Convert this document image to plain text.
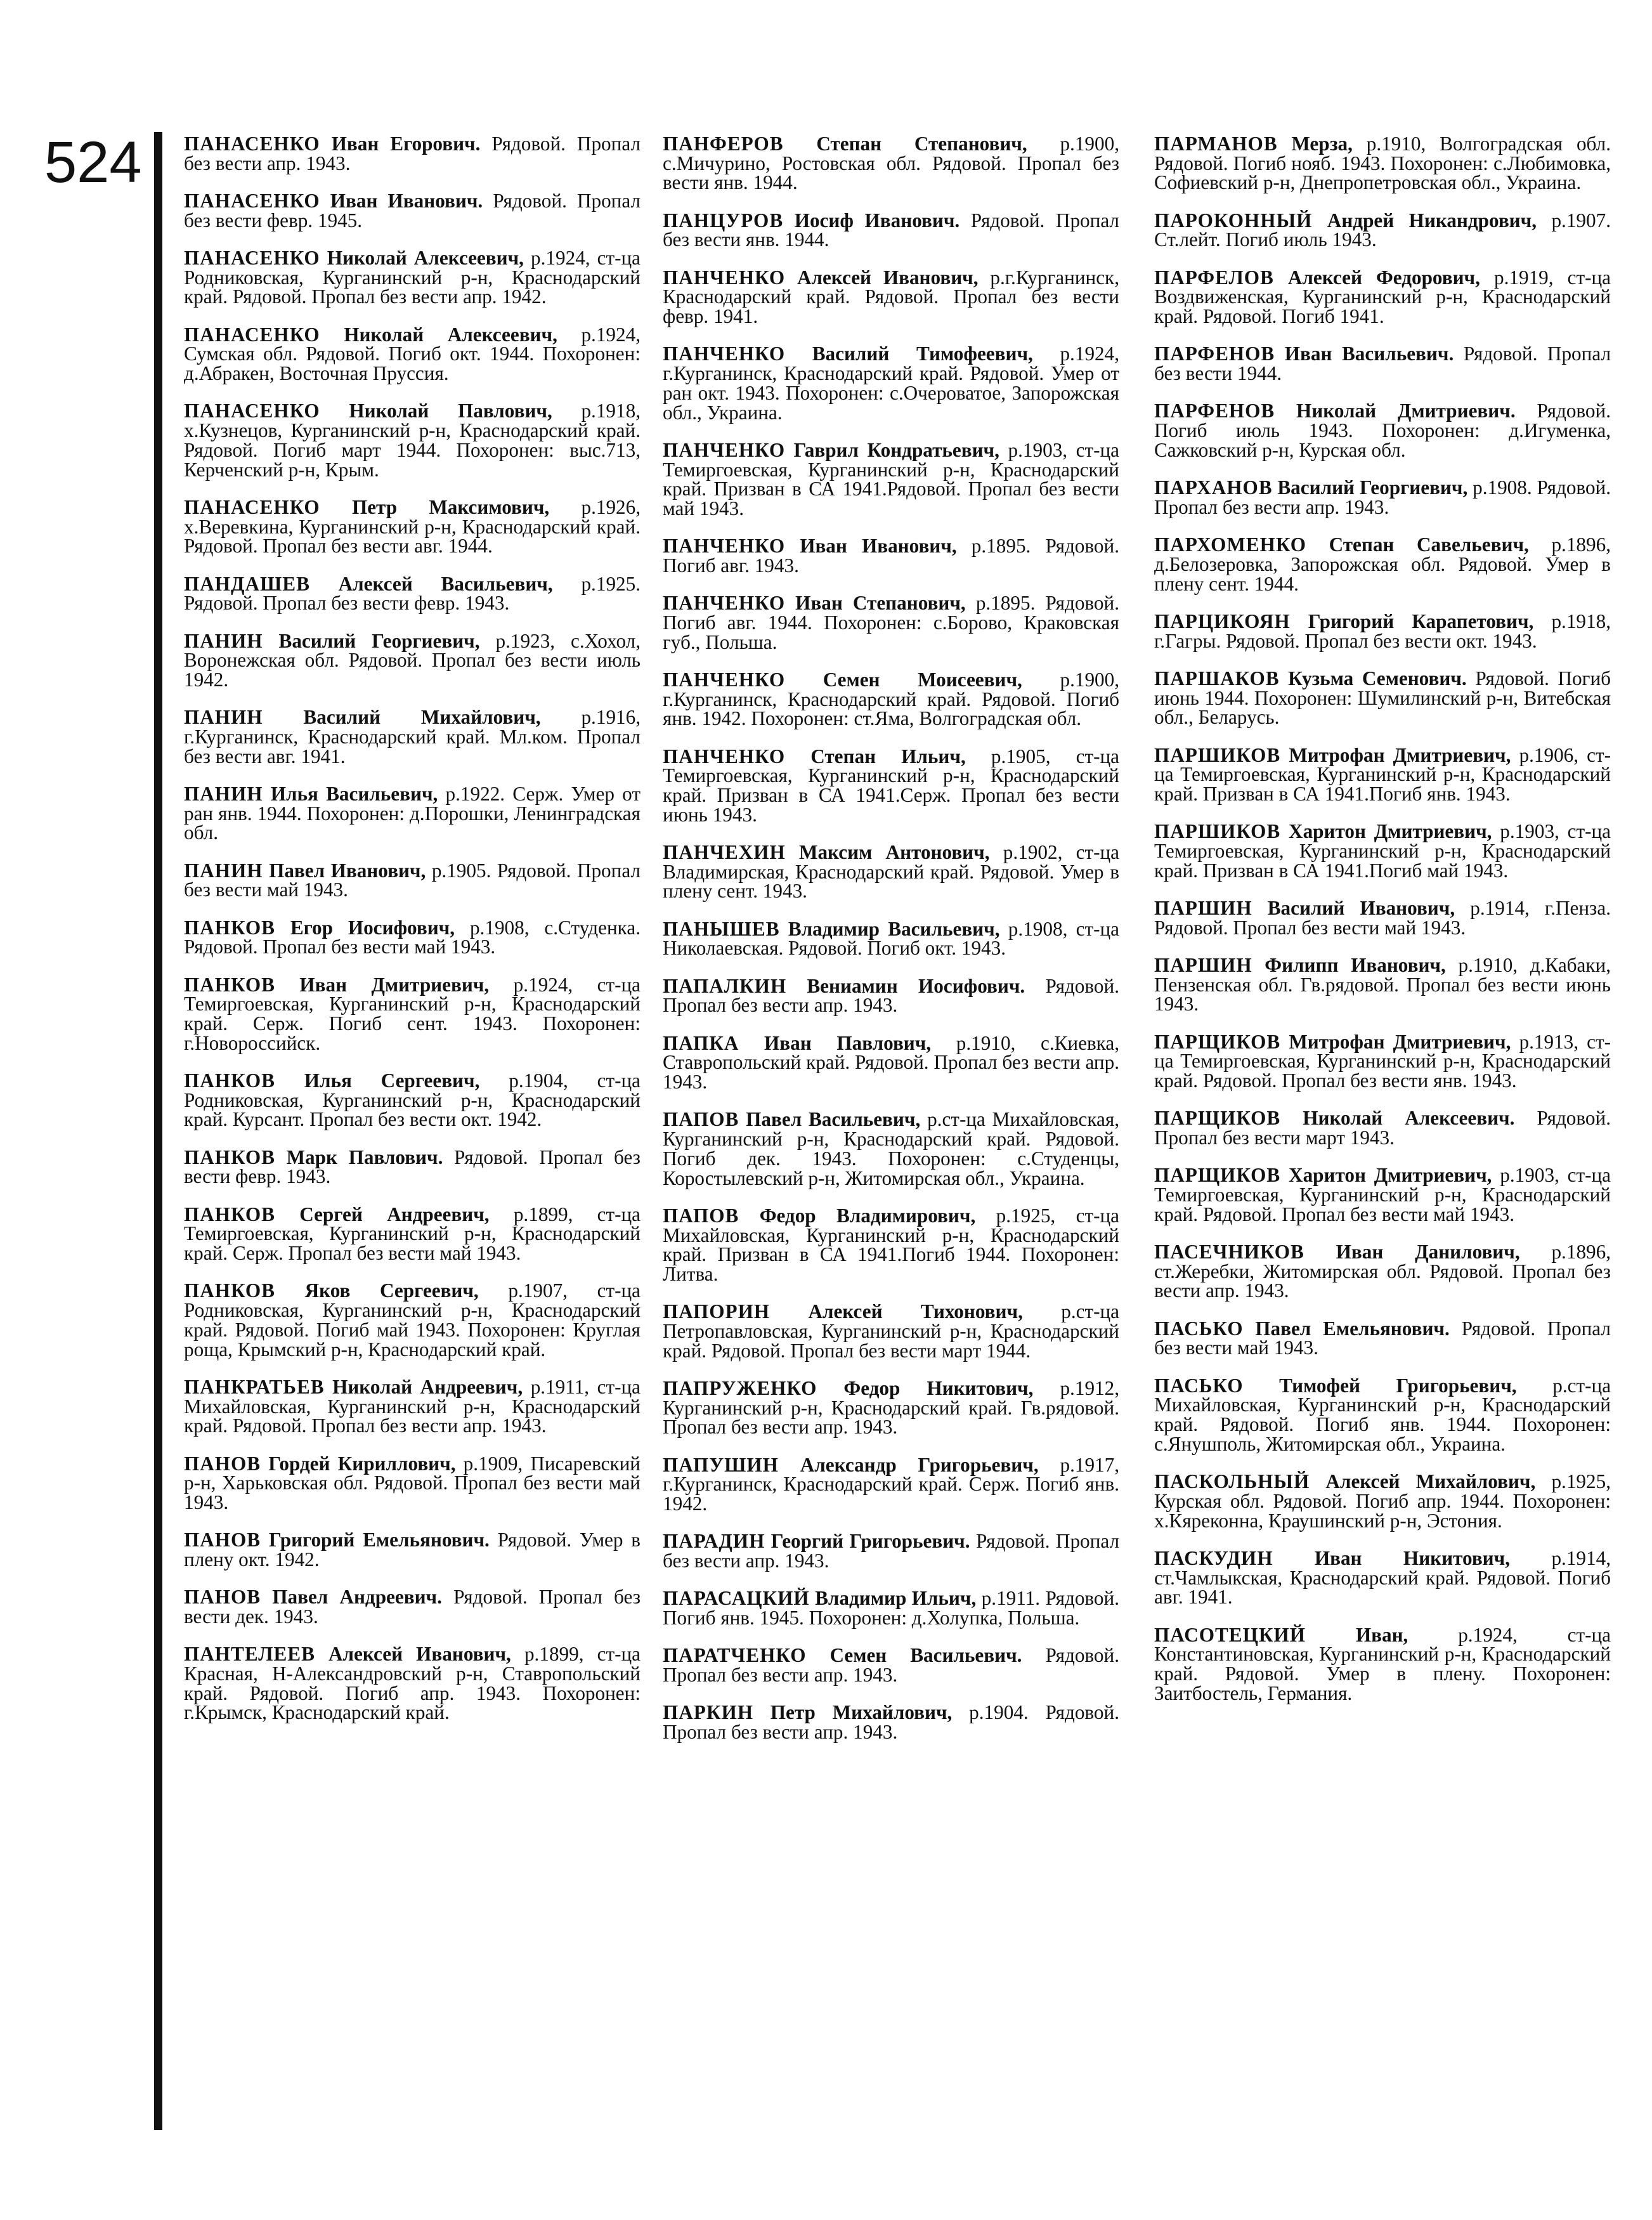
524 ПАНАСЕНКО Иван Егорович. Рядовой. Пропал без вести апр. 1943.

ПАНАСЕНКО Иван Иванович. Рядовой. Пропал без вести февр. 1945.

ПАНАСЕНКО Николай Алексеевич, р.1924, ст-ца Родниковская, Курганинский р-н, Краснодарский край. Рядовой. Пропал без вести апр. 1942.

ПАНАСЕНКО Николай Алексеевич, р.1924, Сумская обл. Рядовой. Погиб окт. 1944. Похоронен: д.Абракен, Восточная Пруссия.

ПАНАСЕНКО Николай Павлович, р.1918, х.Кузнецов, Курганинский р-н, Краснодарский край. Рядовой. Погиб март 1944. Похоронен: выс.713, Керченский р-н, Крым.

ПАНАСЕНКО Петр Максимович, р.1926, х.Веревкина, Курганинский р-н, Краснодарский край. Рядовой. Пропал без вести авг. 1944.

ПАНДАШЕВ Алексей Васильевич, р.1925. Рядовой. Пропал без вести февр. 1943.

ПАНИН Василий Георгиевич, р.1923, с.Хохол, Воронежская обл. Рядовой. Пропал без вести июль 1942.

ПАНИН Василий Михайлович, р.1916, г.Курганинск, Краснодарский край. Мл.ком. Пропал без вести авг. 1941.

ПАНИН Илья Васильевич, р.1922. Серж. Умер от ран янв. 1944. Похоронен: д.Порошки, Ленинградская обл.

ПАНИН Павел Иванович, р.1905. Рядовой. Пропал без вести май 1943.

ПАНКОВ Егор Иосифович, р.1908, с.Студенка. Рядовой. Пропал без вести май 1943.

ПАНКОВ Иван Дмитриевич, р.1924, ст-ца Темиргоевская, Курганинский р-н, Краснодарский край. Серж. Погиб сент. 1943. Похоронен: г.Новороссийск.

ПАНКОВ Илья Сергеевич, р.1904, ст-ца Родниковская, Курганинский р-н, Краснодарский край. Курсант. Пропал без вести окт. 1942.

ПАНКОВ Марк Павлович. Рядовой. Пропал без вести февр. 1943.

ПАНКОВ Сергей Андреевич, р.1899, ст-ца Темиргоевская, Курганинский р-н, Краснодарский край. Серж. Пропал без вести май 1943.

ПАНКОВ Яков Сергеевич, р.1907, ст-ца Родниковская, Курганинский р-н, Краснодарский край. Рядовой. Погиб май 1943. Похоронен: Круглая роща, Крымский р-н, Краснодарский край.

ПАНКРАТЬЕВ Николай Андреевич, р.1911, ст-ца Михайловская, Курганинский р-н, Краснодарский край. Рядовой. Пропал без вести апр. 1943.

ПАНОВ Гордей Кириллович, р.1909, Писаревский р-н, Харьковская обл. Рядовой. Пропал без вести май 1943.

ПАНОВ Григорий Емельянович. Рядовой. Умер в плену окт. 1942.

ПАНОВ Павел Андреевич. Рядовой. Пропал без вести дек. 1943.

ПАНТЕЛЕЕВ Алексей Иванович, р.1899, ст-ца Красная, Н-Александровский р-н, Ставропольский край. Рядовой. Погиб апр. 1943. Похоронен: г.Крымск, Краснодарский край.

ПАНФЕРОВ Степан Степанович, р.1900, с.Мичурино, Ростовская обл. Рядовой. Пропал без вести янв. 1944.

ПАНЦУРОВ Иосиф Иванович. Рядовой. Пропал без вести янв. 1944.

ПАНЧЕНКО Алексей Иванович, р.г.Курганинск, Краснодарский край. Рядовой. Пропал без вести февр. 1941.

ПАНЧЕНКО Василий Тимофеевич, р.1924, г.Курганинск, Краснодарский край. Рядовой. Умер от ран окт. 1943. Похоронен: с.Очероватое, Запорожская обл., Украина.

ПАНЧЕНКО Гаврил Кондратьевич, р.1903, ст-ца Темиргоевская, Курганинский р-н, Краснодарский край. Призван в СА 1941.Рядовой. Пропал без вести май 1943.

ПАНЧЕНКО Иван Иванович, р.1895. Рядовой. Погиб авг. 1943.

ПАНЧЕНКО Иван Степанович, р.1895. Рядовой. Погиб авг. 1944. Похоронен: с.Борово, Краковская губ., Польша.

ПАНЧЕНКО Семен Моисеевич, р.1900, г.Курганинск, Краснодарский край. Рядовой. Погиб янв. 1942. Похоронен: ст.Яма, Волгоградская обл.

ПАНЧЕНКО Степан Ильич, р.1905, ст-ца Темиргоевская, Курганинский р-н, Краснодарский край. Призван в СА 1941.Серж. Пропал без вести июнь 1943.

ПАНЧЕХИН Максим Антонович, р.1902, ст-ца Владимирская, Краснодарский край. Рядовой. Умер в плену сент. 1943.

ПАНЫШЕВ Владимир Васильевич, р.1908, ст-ца Николаевская. Рядовой. Погиб окт. 1943.

ПАПАЛКИН Вениамин Иосифович. Рядовой. Пропал без вести апр. 1943.

ПАПКА Иван Павлович, р.1910, с.Киевка, Ставропольский край. Рядовой. Пропал без вести апр. 1943.

ПАПОВ Павел Васильевич, р.ст-ца Михайловская, Курганинский р-н, Краснодарский край. Рядовой. Погиб дек. 1943. Похоронен: с.Студенцы, Коростылевский р-н, Житомирская обл., Украина.

ПАПОВ Федор Владимирович, р.1925, ст-ца Михайловская, Курганинский р-н, Краснодарский край. Призван в СА 1941.Погиб 1944. Похоронен: Литва.

ПАПОРИН Алексей Тихонович, р.ст-ца Петропавловская, Курганинский р-н, Краснодарский край. Рядовой. Пропал без вести март 1944.

ПАПРУЖЕНКО Федор Никитович, р.1912, Курганинский р-н, Краснодарский край. Гв.рядовой. Пропал без вести апр. 1943.

ПАПУШИН Александр Григорьевич, р.1917, г.Курганинск, Краснодарский край. Серж. Погиб янв. 1942.

ПАРАДИН Георгий Григорьевич. Рядовой. Пропал без вести апр. 1943.

ПАРАСАЦКИЙ Владимир Ильич, р.1911. Рядовой. Погиб янв. 1945. Похоронен: д.Холупка, Польша.

ПАРАТЧЕНКО Семен Васильевич. Рядовой. Пропал без вести апр. 1943.

ПАРКИН Петр Михайлович, р.1904. Рядовой. Пропал без вести апр. 1943.

ПАРМАНОВ Мерза, р.1910, Волгоградская обл. Рядовой. Погиб нояб. 1943. Похоронен: с.Любимовка, Софиевский р-н, Днепропетровская обл., Украина.

ПАРОКОННЫЙ Андрей Никандрович, р.1907. Ст.лейт. Погиб июль 1943.

ПАРФЕЛОВ Алексей Федорович, р.1919, ст-ца Воздвиженская, Курганинский р-н, Краснодарский край. Рядовой. Погиб 1941.

ПАРФЕНОВ Иван Васильевич. Рядовой. Пропал без вести 1944.

ПАРФЕНОВ Николай Дмитриевич. Рядовой. Погиб июль 1943. Похоронен: д.Игуменка, Сажковский р-н, Курская обл.

ПАРХАНОВ Василий Георгиевич, р.1908. Рядовой. Пропал без вести апр. 1943.

ПАРХОМЕНКО Степан Савельевич, р.1896, д.Белозеровка, Запорожская обл. Рядовой. Умер в плену сент. 1944.

ПАРЦИКОЯН Григорий Карапетович, р.1918, г.Гагры. Рядовой. Пропал без вести окт. 1943.

ПАРШАКОВ Кузьма Семенович. Рядовой. Погиб июнь 1944. Похоронен: Шумилинский р-н, Витебская обл., Беларусь.

ПАРШИКОВ Митрофан Дмитриевич, р.1906, ст-ца Темиргоевская, Курганинский р-н, Краснодарский край. Призван в СА 1941.Погиб янв. 1943.

ПАРШИКОВ Харитон Дмитриевич, р.1903, ст-ца Темиргоевская, Курганинский р-н, Краснодарский край. Призван в СА 1941.Погиб май 1943.

ПАРШИН Василий Иванович, р.1914, г.Пенза. Рядовой. Пропал без вести май 1943.

ПАРШИН Филипп Иванович, р.1910, д.Кабаки, Пензенская обл. Гв.рядовой. Пропал без вести июнь 1943.

ПАРЩИКОВ Митрофан Дмитриевич, р.1913, ст-ца Темиргоевская, Курганинский р-н, Краснодарский край. Рядовой. Пропал без вести янв. 1943.

ПАРЩИКОВ Николай Алексеевич. Рядовой. Пропал без вести март 1943.

ПАРЩИКОВ Харитон Дмитриевич, р.1903, ст-ца Темиргоевская, Курганинский р-н, Краснодарский край. Рядовой. Пропал без вести май 1943.

ПАСЕЧНИКОВ Иван Данилович, р.1896, ст.Жеребки, Житомирская обл. Рядовой. Пропал без вести апр. 1943.

ПАСЬКО Павел Емельянович. Рядовой. Пропал без вести май 1943.

ПАСЬКО Тимофей Григорьевич, р.ст-ца Михайловская, Курганинский р-н, Краснодарский край. Рядовой. Погиб янв. 1944. Похоронен: с.Янушполь, Житомирская обл., Украина.

ПАСКОЛЬНЫЙ Алексей Михайлович, р.1925, Курская обл. Рядовой. Погиб апр. 1944. Похоронен: х.Кяреконна, Краушинский р-н, Эстония.

ПАСКУДИН Иван Никитович, р.1914, ст.Чамлыкская, Краснодарский край. Рядовой. Погиб авг. 1941.

ПАСОТЕЦКИЙ	Иван,	р.1924, ст-ца Константиновская, Курганинский р-н, Краснодарский край. Рядовой. Умер в плену. Похоронен: Заитбостель, Германия.
